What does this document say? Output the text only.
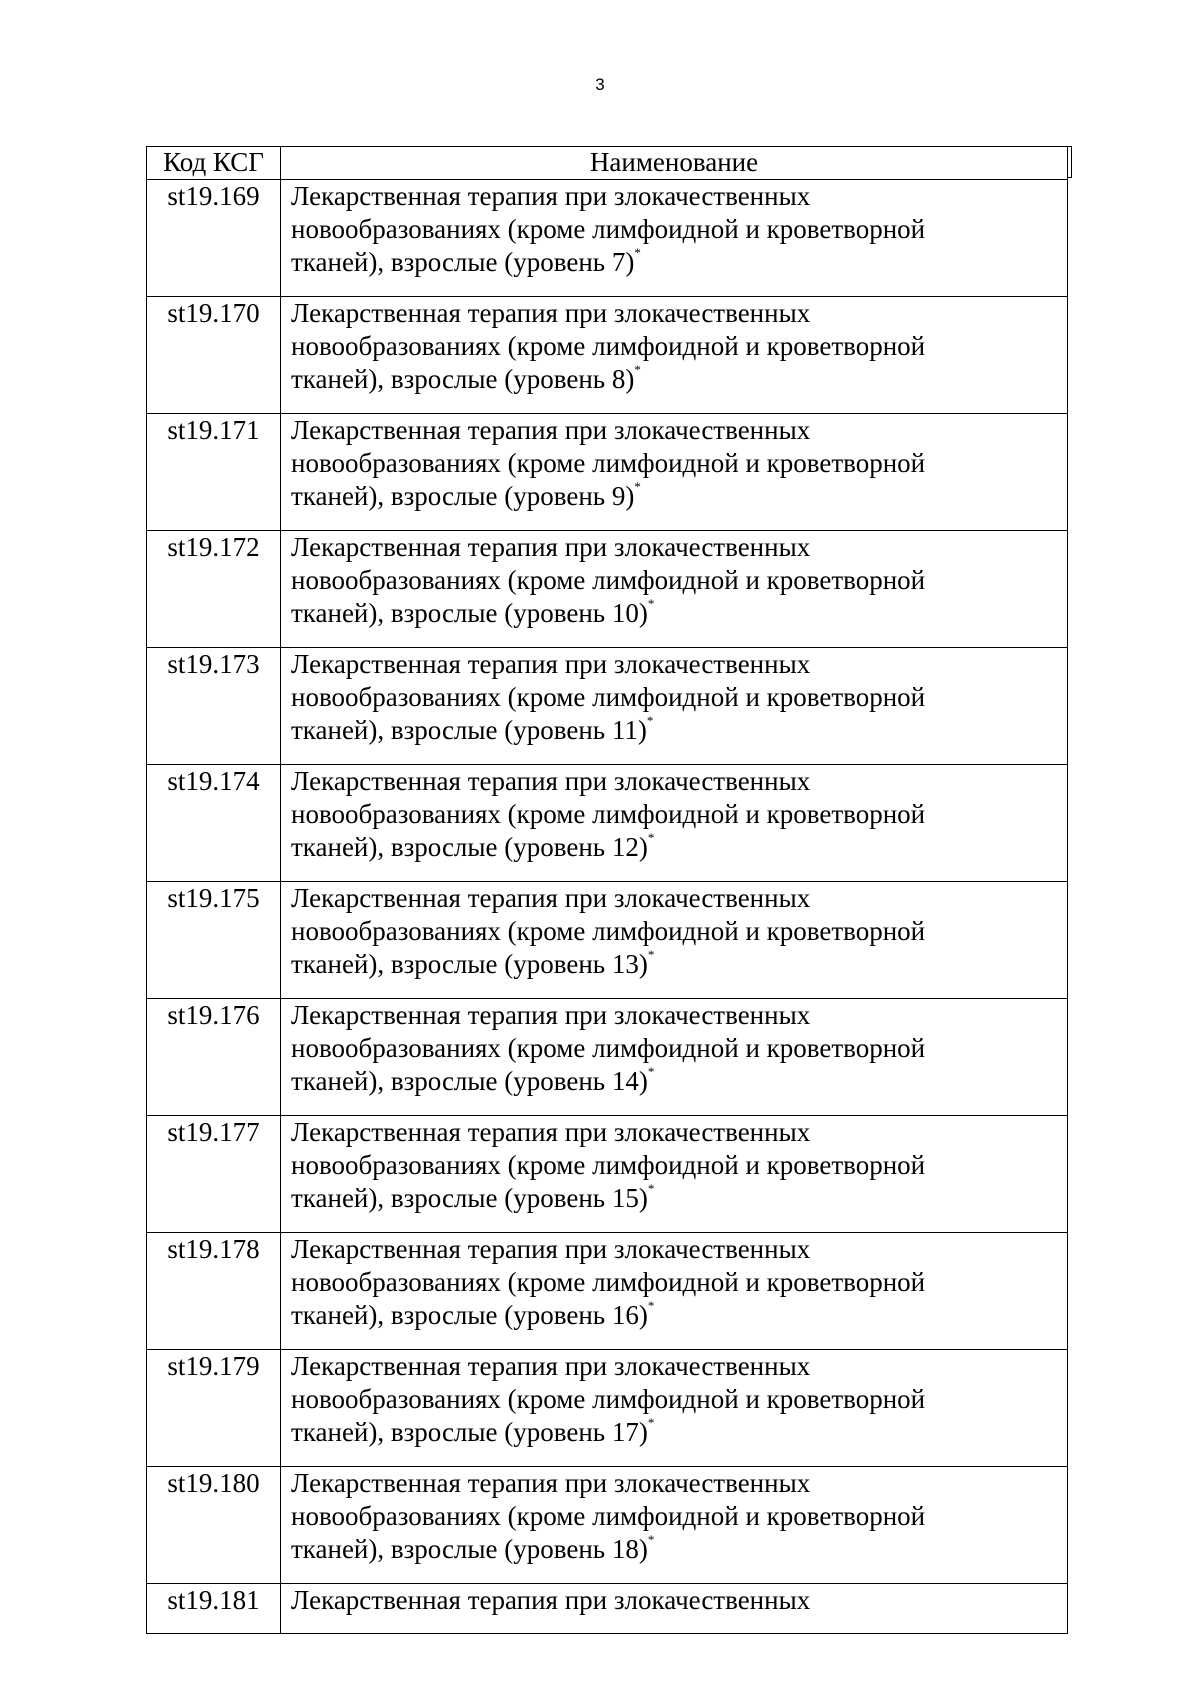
3
Код КСГ	Наименование
st19.169	Лекарственная терапия при злокачественных
новообразованиях (кроме лимфоидной и кроветворной
тканей), взрослые (уровень 7)*
st19.170	Лекарственная терапия при злокачественных
новообразованиях (кроме лимфоидной и кроветворной
тканей), взрослые (уровень 8)*
st19.171	Лекарственная терапия при злокачественных
новообразованиях (кроме лимфоидной и кроветворной
тканей), взрослые (уровень 9)*
st19.172	Лекарственная терапия при злокачественных
новообразованиях (кроме лимфоидной и кроветворной
тканей), взрослые (уровень 10)*
st19.173	Лекарственная терапия при злокачественных
новообразованиях (кроме лимфоидной и кроветворной
тканей), взрослые (уровень 11)*
st19.174	Лекарственная терапия при злокачественных
новообразованиях (кроме лимфоидной и кроветворной
тканей), взрослые (уровень 12)*
st19.175	Лекарственная терапия при злокачественных
новообразованиях (кроме лимфоидной и кроветворной
тканей), взрослые (уровень 13)*
st19.176	Лекарственная терапия при злокачественных
новообразованиях (кроме лимфоидной и кроветворной
тканей), взрослые (уровень 14)*
st19.177	Лекарственная терапия при злокачественных
новообразованиях (кроме лимфоидной и кроветворной
тканей), взрослые (уровень 15)*
st19.178	Лекарственная терапия при злокачественных
новообразованиях (кроме лимфоидной и кроветворной
тканей), взрослые (уровень 16)*
st19.179	Лекарственная терапия при злокачественных
новообразованиях (кроме лимфоидной и кроветворной
тканей), взрослые (уровень 17)*
st19.180	Лекарственная терапия при злокачественных
новообразованиях (кроме лимфоидной и кроветворной
тканей), взрослые (уровень 18)*
st19.181	Лекарственная терапия при злокачественных
